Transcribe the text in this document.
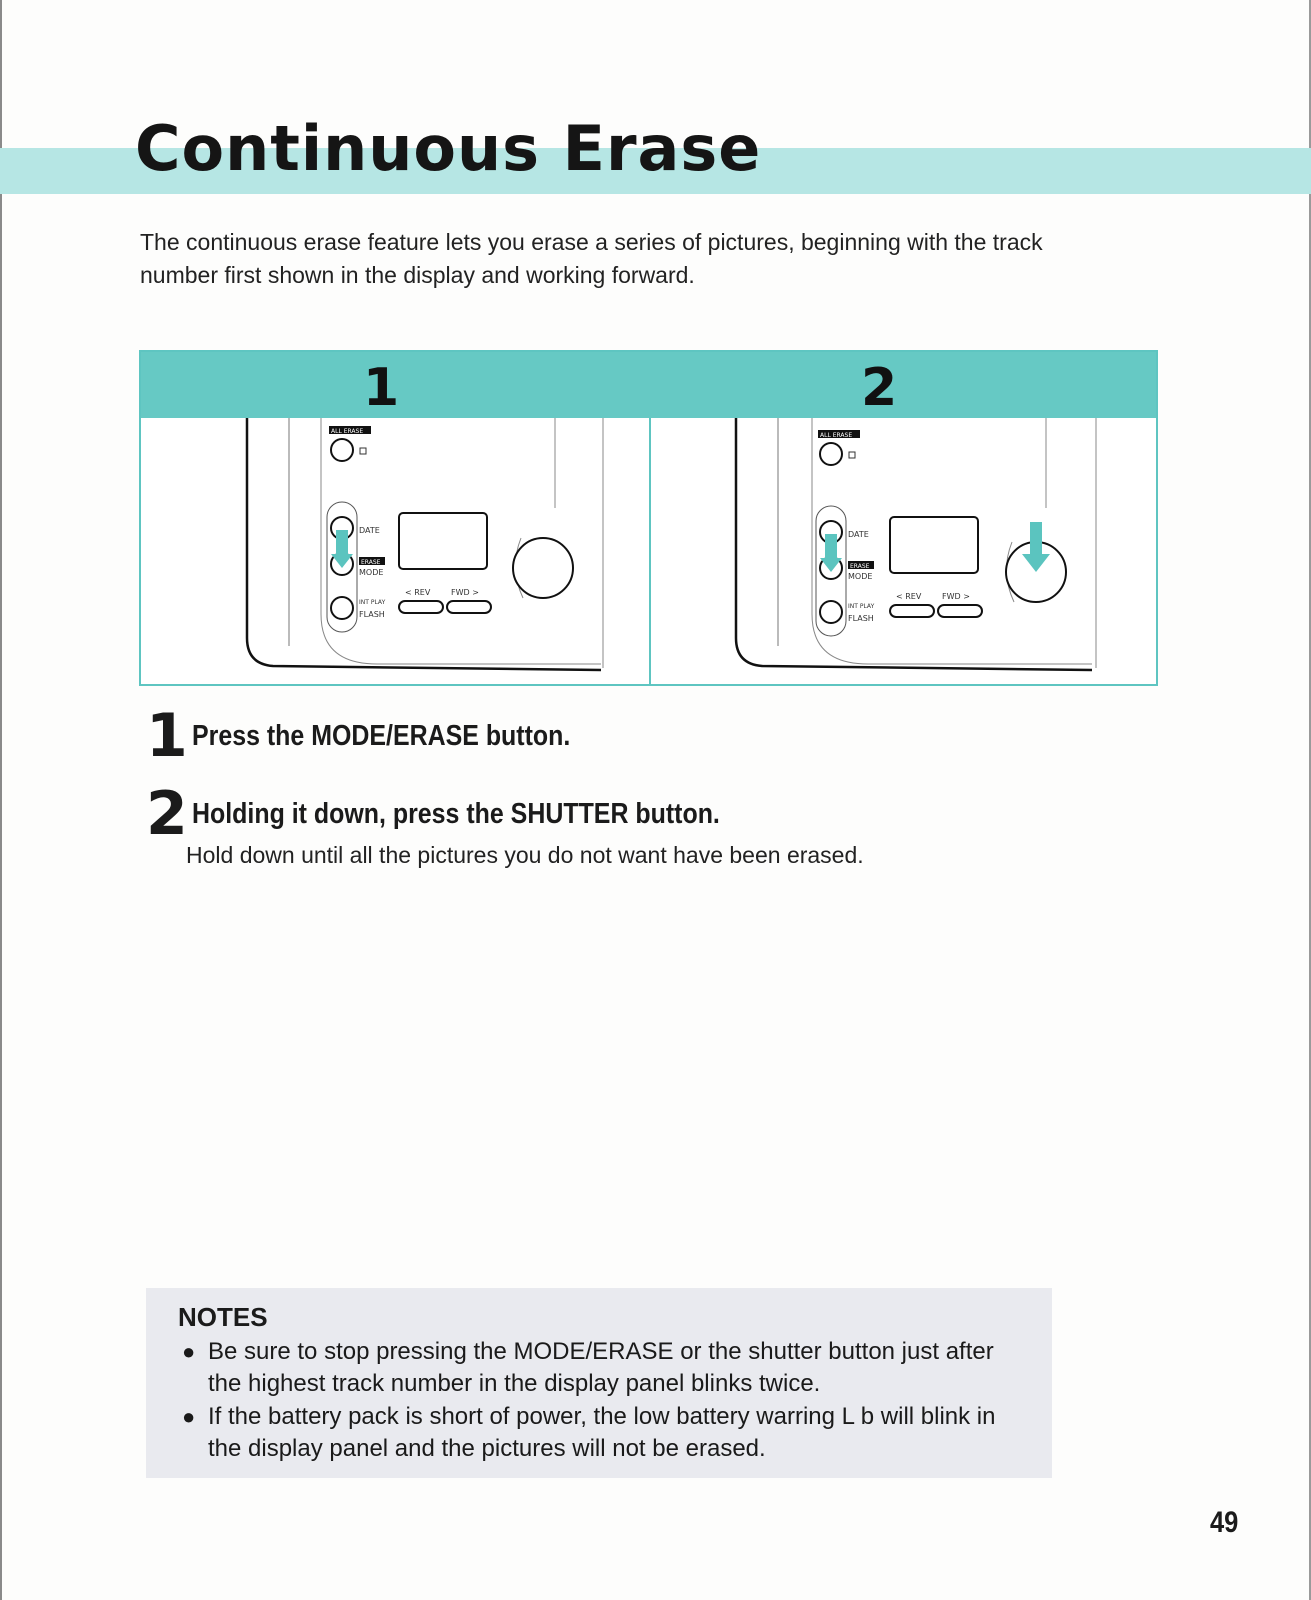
Continuous Erase

The continuous erase feature lets you erase a series of pictures, beginning with the track number first shown in the display and working forward.

1	2
ALL ERASE
DATE
ERASE
MODE
INT PLAY
FLASH
< REV	FWD >
ALL ERASE
DATE
ERASE
MODE
INT PLAY
FLASH
< REV	FWD >
1 Press the MODE/ERASE button.
2 Holding it down, press the SHUTTER button.

Hold down until all the pictures you do not want have been erased.

NOTES

● Be sure to stop pressing the MODE/ERASE or the shutter button just after the highest track number in the display panel blinks twice.
● If the battery pack is short of power, the low battery warring L b will blink in the display panel and the pictures will not be erased.

49
